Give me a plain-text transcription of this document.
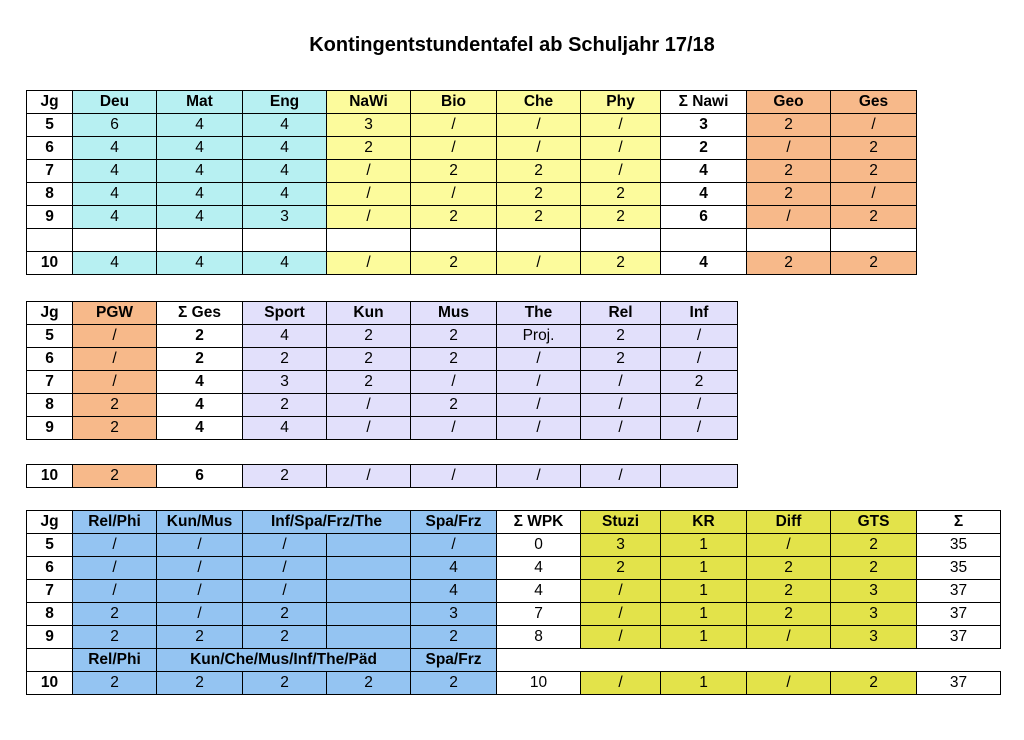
Kontingentstundentafel ab Schuljahr 17/18
Jg	Deu	Mat	Eng	NaWi	Bio	Che	Phy	Σ Nawi	Geo	Ges
5	6	4	4	3	/	/	/	3	2	/
6	4	4	4	2	/	/	/	2	/	2
7	4	4	4	/	2	2	/	4	2	2
8	4	4	4	/	/	2	2	4	2	/
9	4	4	3	/	2	2	2	6	/	2

10	4	4	4	/	2	/	2	4	2	2
Jg	PGW	Σ Ges	Sport	Kun	Mus	The	Rel	Inf
5	/	2	4	2	2	Proj.	2	/
6	/	2	2	2	2	/	2	/
7	/	4	3	2	/	/	/	2
8	2	4	2	/	2	/	/	/
9	2	4	4	/	/	/	/	/
10	2	6	2	/	/	/	/	
Jg	Rel/Phi	Kun/Mus	Inf/Spa/Frz/The		Spa/Frz	Σ WPK	Stuzi	KR	Diff	GTS	Σ
5	/	/	/		/	0	3	1	/	2	35
6	/	/	/		4	4	2	1	2	2	35
7	/	/	/		4	4	/	1	2	3	37
8	2	/	2		3	7	/	1	2	3	37
9	2	2	2		2	8	/	1	/	3	37
	Rel/Phi	Kun/Che/Mus/Inf/The/Päd			Spa/Frz						
10	2	2	2	2	2	10	/	1	/	2	37
